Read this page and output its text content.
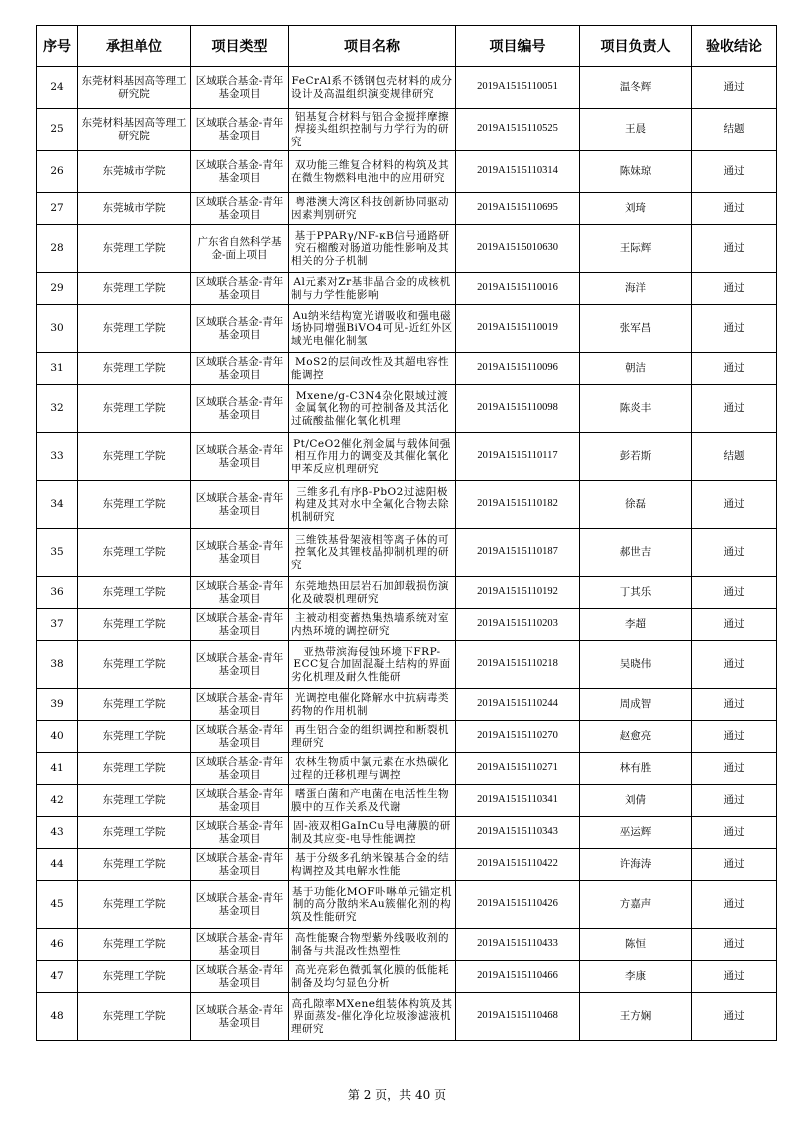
序号	承担单位	项目类型	项目名称	项目编号	项目负责人	验收结论
24	东莞材料基因高等理工研究院	区域联合基金-青年基金项目	FeCrAl系不锈钢包壳材料的成分设计及高温组织演变规律研究	2019A1515110051	温冬辉	通过
25	东莞材料基因高等理工研究院	区域联合基金-青年基金项目	铝基复合材料与铝合金搅拌摩擦焊接头组织控制与力学行为的研究	2019A1515110525	王晨	结题
26	东莞城市学院	区域联合基金-青年基金项目	双功能三维复合材料的构筑及其在微生物燃料电池中的应用研究	2019A1515110314	陈妹琼	通过
27	东莞城市学院	区域联合基金-青年基金项目	粤港澳大湾区科技创新协同驱动因素判别研究	2019A1515110695	刘琦	通过
28	东莞理工学院	广东省自然科学基金-面上项目	基于PPARγ/NF-κB信号通路研究石榴酸对肠道功能性影响及其相关的分子机制	2019A1515010630	王际辉	通过
29	东莞理工学院	区域联合基金-青年基金项目	Al元素对Zr基非晶合金的成核机制与力学性能影响	2019A1515110016	海洋	通过
30	东莞理工学院	区域联合基金-青年基金项目	Au纳米结构宽光谱吸收和强电磁场协同增强BiVO4可见-近红外区域光电催化制氢	2019A1515110019	张军昌	通过
31	东莞理工学院	区域联合基金-青年基金项目	MoS2的层间改性及其超电容性能调控	2019A1515110096	朝洁	通过
32	东莞理工学院	区域联合基金-青年基金项目	Mxene/g-C3N4杂化限域过渡金属氧化物的可控制备及其活化过硫酸盐催化氧化机理	2019A1515110098	陈炎丰	通过
33	东莞理工学院	区域联合基金-青年基金项目	Pt/CeO2催化剂金属与载体间强相互作用力的调变及其催化氧化甲苯反应机理研究	2019A1515110117	彭若斯	结题
34	东莞理工学院	区域联合基金-青年基金项目	三维多孔有序β-PbO2过滤阳极构建及其对水中全氟化合物去除机制研究	2019A1515110182	徐磊	通过
35	东莞理工学院	区域联合基金-青年基金项目	三维铁基骨架液相等离子体的可控氧化及其锂枝晶抑制机理的研究	2019A1515110187	郝世吉	通过
36	东莞理工学院	区域联合基金-青年基金项目	东莞地热田层岩石加卸载损伤演化及破裂机理研究	2019A1515110192	丁其乐	通过
37	东莞理工学院	区域联合基金-青年基金项目	主被动相变蓄热集热墙系统对室内热环境的调控研究	2019A1515110203	李超	通过
38	东莞理工学院	区域联合基金-青年基金项目	亚热带滨海侵蚀环境下FRP-ECC复合加固混凝土结构的界面劣化机理及耐久性能研	2019A1515110218	吴晓伟	通过
39	东莞理工学院	区域联合基金-青年基金项目	光调控电催化降解水中抗病毒类药物的作用机制	2019A1515110244	周成智	通过
40	东莞理工学院	区域联合基金-青年基金项目	再生铝合金的组织调控和断裂机理研究	2019A1515110270	赵愈亮	通过
41	东莞理工学院	区域联合基金-青年基金项目	农林生物质中氯元素在水热碳化过程的迁移机理与调控	2019A1515110271	林有胜	通过
42	东莞理工学院	区域联合基金-青年基金项目	嗜蛋白菌和产电菌在电活性生物膜中的互作关系及代谢	2019A1515110341	刘倩	通过
43	东莞理工学院	区域联合基金-青年基金项目	固-液双相GaInCu导电薄膜的研制及其应变-电导性能调控	2019A1515110343	巫运辉	通过
44	东莞理工学院	区域联合基金-青年基金项目	基于分级多孔纳米镍基合金的结构调控及其电解水性能	2019A1515110422	许海涛	通过
45	东莞理工学院	区域联合基金-青年基金项目	基于功能化MOF卟啉单元锚定机制的高分散纳米Au簇催化剂的构筑及性能研究	2019A1515110426	方嘉声	通过
46	东莞理工学院	区域联合基金-青年基金项目	高性能聚合物型紫外线吸收剂的制备与共混改性热塑性	2019A1515110433	陈恒	通过
47	东莞理工学院	区域联合基金-青年基金项目	高光亮彩色微弧氧化膜的低能耗制备及均匀显色分析	2019A1515110466	李康	通过
48	东莞理工学院	区域联合基金-青年基金项目	高孔隙率MXene组装体构筑及其界面蒸发-催化净化垃圾渗滤液机理研究	2019A1515110468	王方娴	通过
第 2 页，共 40 页
